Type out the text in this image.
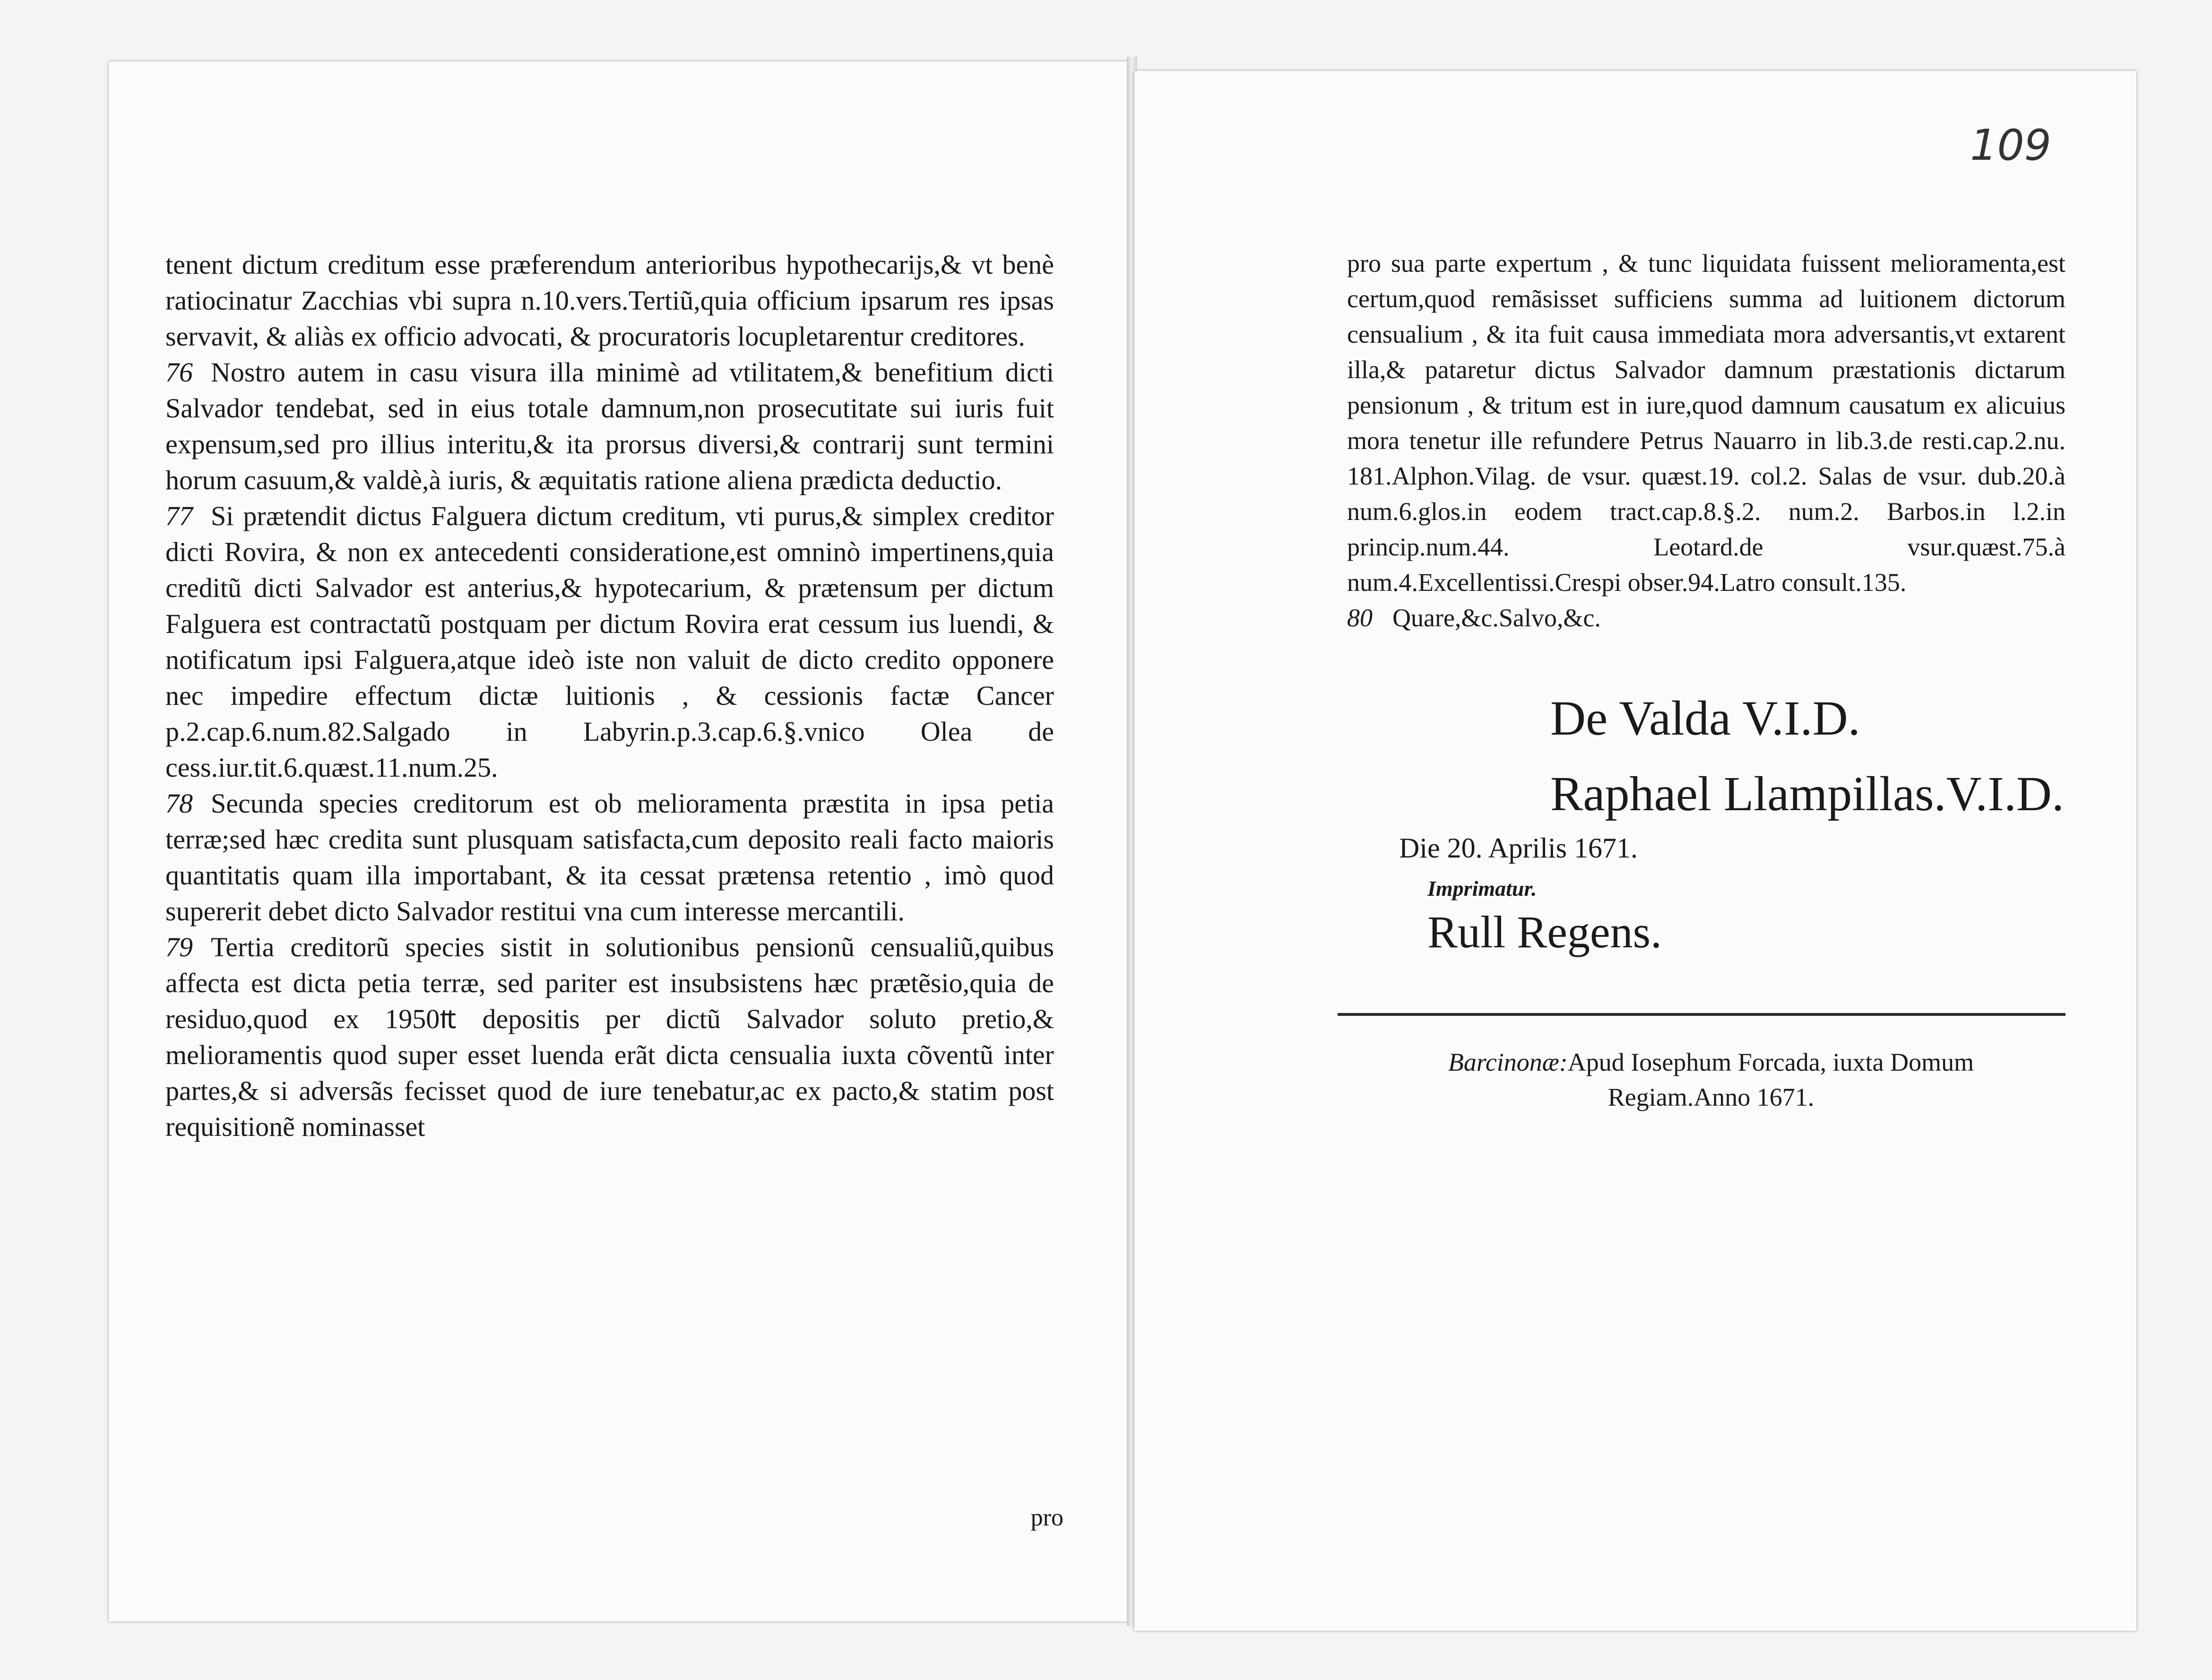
tenent dictum creditum esse præferendum anterioribus hypothecarijs,& vt benè ratiocinatur Zacchias vbi supra n.10.vers.Tertiũ,quia officium ipsarum res ipsas servavit, & aliàs ex officio advocati, & procuratoris locupletarentur creditores.

76 Nostro autem in casu visura illa minimè ad vtilitatem,& benefitium dicti Salvador tendebat, sed in eius totale damnum,non prosecutitate sui iuris fuit expensum,sed pro illius interitu,& ita prorsus diversi,& contrarij sunt termini horum casuum,& valdè,à iuris, & æquitatis ratione aliena prædicta deductio.

77 Si prætendit dictus Falguera dictum creditum, vti purus,& simplex creditor dicti Rovira, & non ex antecedenti consideratione,est omninò impertinens,quia creditũ dicti Salvador est anterius,& hypotecarium, & prætensum per dictum Falguera est contractatũ postquam per dictum Rovira erat cessum ius luendi, & notificatum ipsi Falguera,atque ideò iste non valuit de dicto credito opponere nec impedire effectum dictæ luitionis , & cessionis factæ Cancer p.2.cap.6.num.82.Salgado in Labyrin.p.3.cap.6.§.vnico Olea de cess.iur.tit.6.quæst.11.num.25.

78 Secunda species creditorum est ob melioramenta præstita in ipsa petia terræ;sed hæc credita sunt plusquam satisfacta,cum deposito reali facto maioris quantitatis quam illa importabant, & ita cessat prætensa retentio , imò quod supererit debet dicto Salvador restitui vna cum interesse mercantili.

79 Tertia creditorũ species sistit in solutionibus pensionũ censualiũ,quibus affecta est dicta petia terræ, sed pariter est insubsistens hæc prætẽsio,quia de residuo,quod ex 1950₶ depositis per dictũ Salvador soluto pretio,& melioramentis quod super esset luenda erãt dicta censualia iuxta cõventũ inter partes,& si adversãs fecisset quod de iure tenebatur,ac ex pacto,& statim post requisitionẽ nominasset

pro
109

pro sua parte expertum , & tunc liquidata fuissent melioramenta,est certum,quod remãsisset sufficiens summa ad luitionem dictorum censualium , & ita fuit causa immediata mora adversantis,vt extarent illa,& pataretur dictus Salvador damnum præstationis dictarum pensionum , & tritum est in iure,quod damnum causatum ex alicuius mora tenetur ille refundere Petrus Nauarro in lib.3.de resti.cap.2.nu. 181.Alphon.Vilag. de vsur. quæst.19. col.2. Salas de vsur. dub.20.à num.6.glos.in eodem tract.cap.8.§.2. num.2. Barbos.in l.2.in princip.num.44. Leotard.de vsur.quæst.75.à num.4.Excellentissi.Crespi obser.94.Latro consult.135.

80 Quare,&c.Salvo,&c.

De Valda V.I.D.
Raphael Llampillas.V.I.D.
Die 20. Aprilis 1671.
Imprimatur.
Rull Regens.
Barcinonæ:Apud Iosephum Forcada, iuxta Domum
Regiam.Anno 1671.
